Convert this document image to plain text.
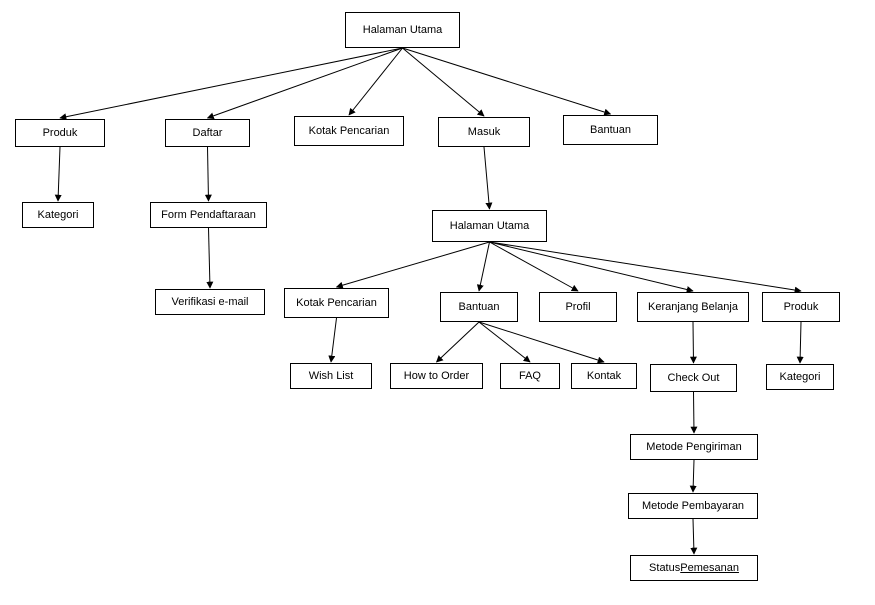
Halaman Utama
Produk	Daftar	Kotak Pencarian	Masuk	Bantuan
Kategori	Form Pendaftaraan
Verifikasi e-mail
Halaman Utama
Kotak Pencarian	Bantuan	Profil	Keranjang Belanja	Produk
Wish List	How to Order	FAQ	Kontak	Check Out	Kategori
Metode Pengiriman
Metode Pembayaran
Status Pemesanan
